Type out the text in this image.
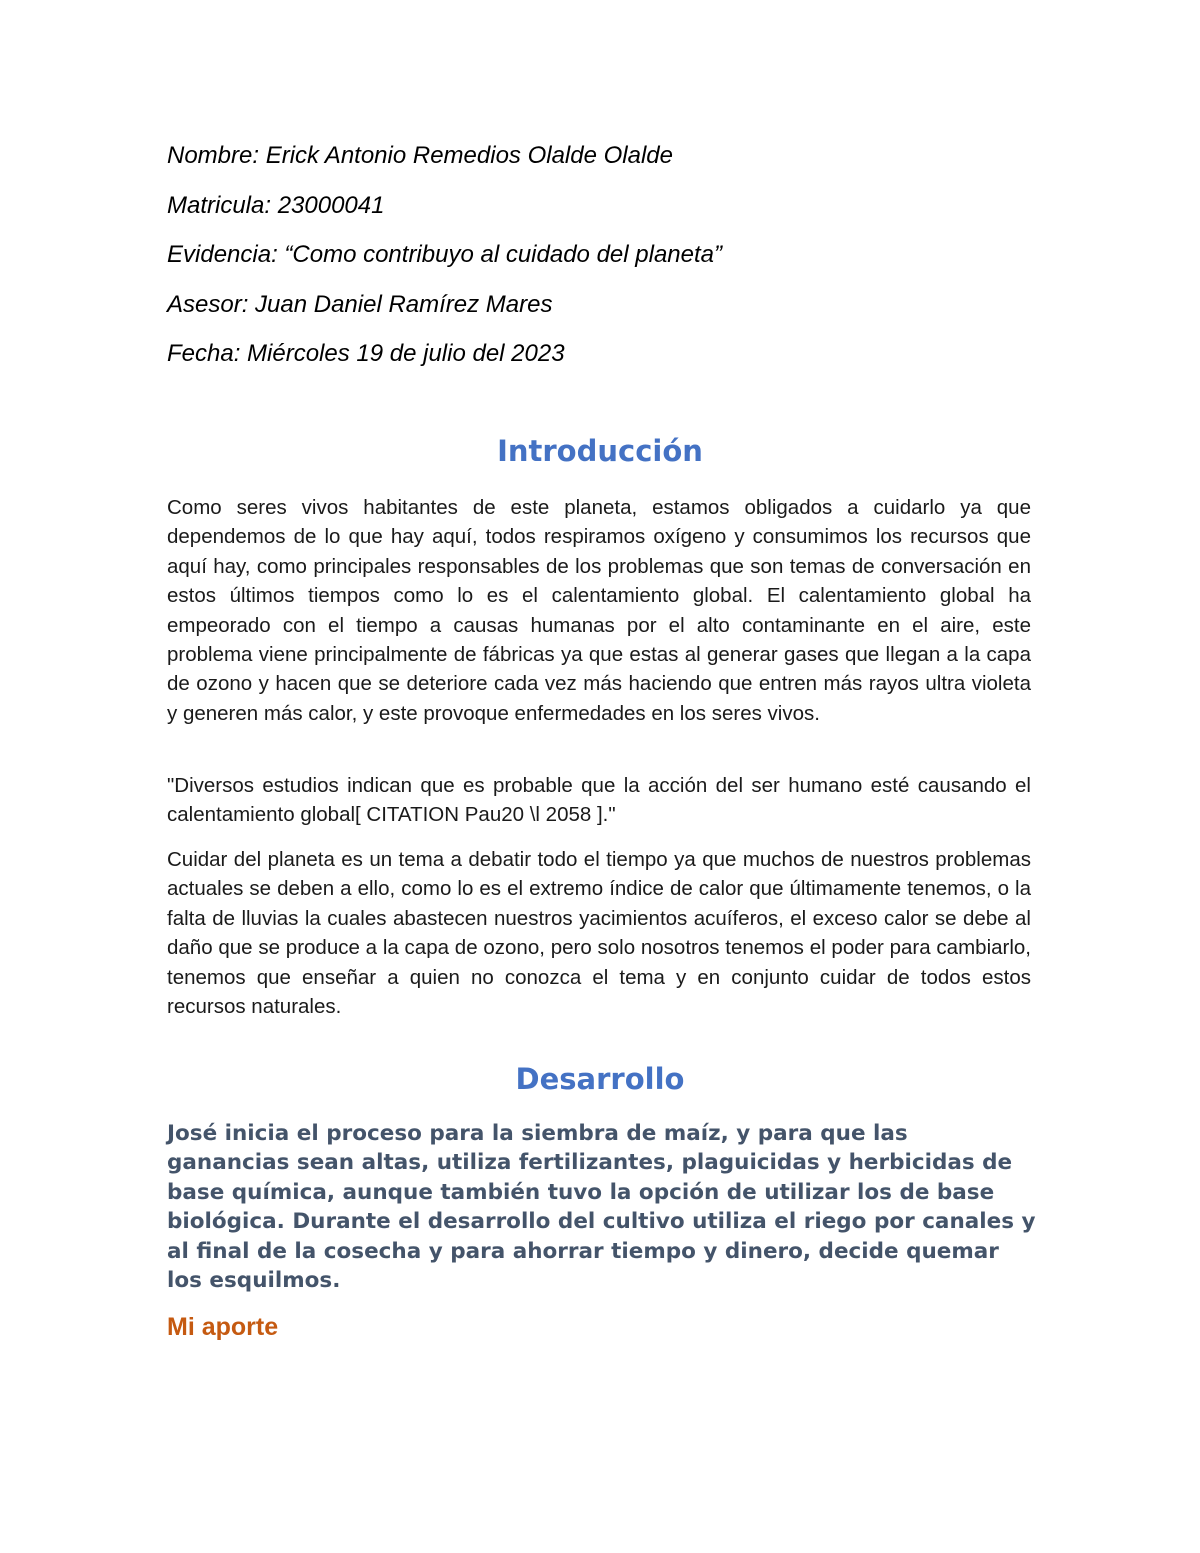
Nombre: Erick Antonio Remedios Olalde Olalde
Matricula: 23000041
Evidencia: “Como contribuyo al cuidado del planeta”
Asesor: Juan Daniel Ramírez Mares
Fecha: Miércoles 19 de julio del 2023
Introducción

Como seres vivos habitantes de este planeta, estamos obligados a cuidarlo ya que dependemos de lo que hay aquí, todos respiramos oxígeno y consumimos los recursos que aquí hay, como principales responsables de los problemas que son temas de conversación en estos últimos tiempos como lo es el calentamiento global. El calentamiento global ha empeorado con el tiempo a causas humanas por el alto contaminante en el aire, este problema viene principalmente de fábricas ya que estas al generar gases que llegan a la capa de ozono y hacen que se deteriore cada vez más haciendo que entren más rayos ultra violeta y generen más calor, y este provoque enfermedades en los seres vivos.

"Diversos estudios indican que es probable que la acción del ser humano esté causando el calentamiento global[ CITATION Pau20 \l 2058 ]."

Cuidar del planeta es un tema a debatir todo el tiempo ya que muchos de nuestros problemas actuales se deben a ello, como lo es el extremo índice de calor que últimamente tenemos, o la falta de lluvias la cuales abastecen nuestros yacimientos acuíferos, el exceso calor se debe al daño que se produce a la capa de ozono, pero solo nosotros tenemos el poder para cambiarlo, tenemos que enseñar a quien no conozca el tema y en conjunto cuidar de todos estos recursos naturales.

Desarrollo
José inicia el proceso para la siembra de maíz, y para que las ganancias sean altas, utiliza fertilizantes, plaguicidas y herbicidas de base química, aunque también tuvo la opción de utilizar los de base biológica. Durante el desarrollo del cultivo utiliza el riego por canales y al final de la cosecha y para ahorrar tiempo y dinero, decide quemar los esquilmos.
Mi aporte
